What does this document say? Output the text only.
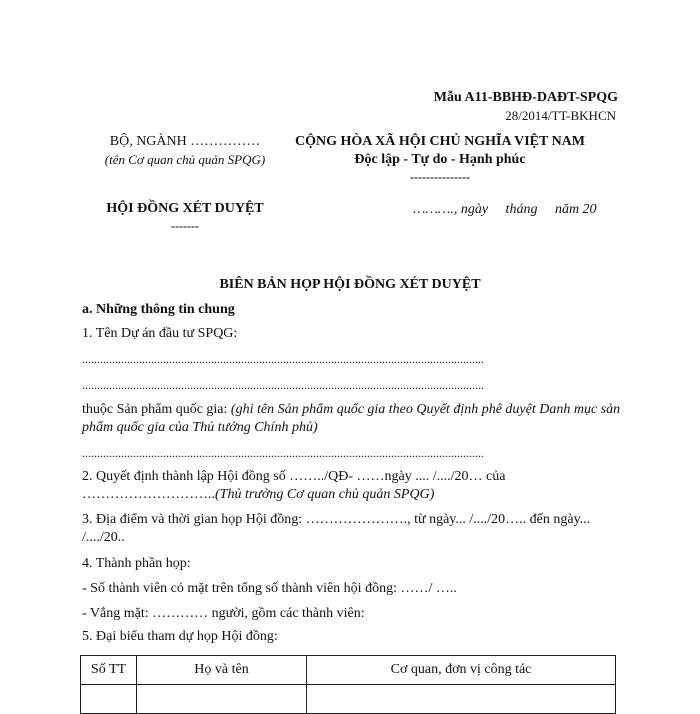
Mẫu A11-BBHĐ-DAĐT-SPQG
28/2014/TT-BKHCN
BỘ, NGÀNH ……………
(tên Cơ quan chủ quản SPQG)
CỘNG HÒA XÃ HỘI CHỦ NGHĨA VIỆT NAM
Độc lập - Tự do - Hạnh phúc
---------------
HỘI ĐỒNG XÉT DUYỆT
-------
………., ngày     tháng     năm 20
BIÊN BẢN HỌP HỘI ĐỒNG XÉT DUYỆT
a. Những thông tin chung
1. Tên Dự án đầu tư SPQG:
......................................................................................................................................
......................................................................................................................................
thuộc Sản phẩm quốc gia: (ghi tên Sản phẩm quốc gia theo Quyết định phê duyệt Danh mục sản
phẩm quốc gia của Thủ tướng Chính phủ)
......................................................................................................................................
2. Quyết định thành lập Hội đồng số ……../QĐ- ……ngày .... /..../20… của
………………………..(Thủ trưởng Cơ quan chủ quản SPQG)
3. Địa điểm và thời gian họp Hội đồng: …………………., từ ngày... /..../20….. đến ngày...
/..../20..
4. Thành phần họp:
- Số thành viên có mặt trên tổng số thành viên hội đồng: ……/ …..
- Vắng mặt: ………… người, gồm các thành viên:
5. Đại biểu tham dự họp Hội đồng:
Số TT	Họ và tên	Cơ quan, đơn vị công tác
